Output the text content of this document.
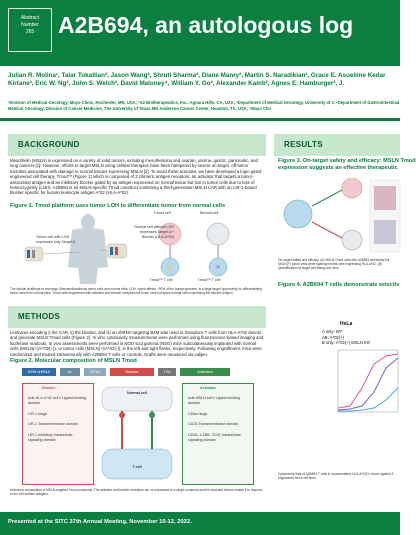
Abstract
Number
265	A2B694, an autologous log
Julian R. Molina¹, Talar Tokatlian², Jason Wang², Shruti Sharma², Diane Manry², Martin S. Naradikian², Grace E. Asuelime Kedar Kirtane², Eric W. Ng², John S. Welch², David Maloney⁴, William Y. Go², Alexander Kamb², Agnes E. Hamburger², J.
¹Division of Medical Oncology, Mayo Clinic, Rochester, MN, USA; ²A2 Biotherapeutics, Inc., Agoura Hills, CA, USA; ³Department of Medical Oncology, University of C ⁴Department of Gastrointestinal Medical Oncology, Division of Cancer Medicine, The University of Texas MD Anderson Cancer Center, Houston, TX, USA; ⁵Mayo Clin
BACKGROUND
Mesothelin (MSLN) is expressed on a variety of solid tumors, including mesothelioma and ovarian, uterine, gastric, pancreatic, and lung cancers [1]. However, efforts to target MSLN using cellular therapies have been hampered by severe on-target, off-tumor toxicities associated with damage to normal tissues expressing MSLN [2]. To avoid these toxicities, we have developed a logic-gated engineered cell therapy, Tmod™ (Figure 1) which is composed of 2 chimeric antigen receptors: an activator that targets a tumor-associated antigen and an inhibitory blocker gated by an antigen expressed on normal tissue but lost in tumor cells due to loss of heterozygosity (LOH). A2B694 is an MSLN-specific Tmod construct combining a third-generation MSLN CAR with an LIR-1-based blocker specific for human leukocyte antigen A*02 (HLA-A*02).
Figure 1. Tmod platform uses tumor LOH to differentiate tumor from normal cells
⚡	✕
Tumor cell with LOH expresses only Target A
Normal cell without LOH expresses Target A + Blocker (HLA-A*02)
Tumor cell	Normal cell
Tmod™ T cell	Tmod™ T cell
The clinical challenge of oncology: Standard/traditional tumor cells and normal cells: LOH, which affects ~90% of the human genome, is a large target opportunity for differentiating tumor cells from normal cells. Tmod cells engineered with activator and blocker receptors kill tumor cells but spare normal cells expressing the blocker antigen.
METHODS
Lentivirus encoding i) the CAR, ii) the blocker, and iii) an shRNA targeting B2M was used to transduce T cells from HLA-A*02 donors and generate MSLN Tmod cells (Figure 2). In vitro cytotoxicity measurements were performed using fluorescence-based imaging and luciferase readouts. In vivo assessments were performed in NOD scid gamma (NSG) mice subcutaneously implanted with normal cells (MSLN(+)/A*02(+)), or tumor cells (MSLN(+)/A*02(-)), in the left and right flanks, respectively. Following engraftment, mice were randomized and treated intravenously with A2B694 T cells or controls. Grafts were measured via caliper.
Figure 2. Molecular composition of MSLN Tmod
B2M shRNA	UL	EF1a	Blocker	T2A	Activator
Blocker
Anti-HLA-A*02 scFv Ligand-binding domain
LIR-1 hinge
LIR-1 Transmembrane domain
LIR-1 inhibitory intracellular signaling domain
Normal cell
T cell
Activator
Anti-MSLN scFv Ligand-binding domain
CD8a hinge
CD28 Transmembrane domain
CD28, 4-1BB, CD3ζ Intracellular signaling domain
Molecular composition of MSLN-targeted Tmod constructs. The activator and blocker receptors are co-expressed in a single construct and the encoded factors enable it to respond to the cell surface antigens.
RESULTS
Figure 3. On-target safety and efficacy: MSLN Tmod
expression suggests an effective therapeutic
On-target safety and efficacy. (A) MSLN Tmod cells with A2B694 selectively kill MSLN(+) tumor cells while sparing normal cells expressing HLA-A*02. (B) Quantification of target cell killing over time.
Figure 4. A2B694 T cells demonstrate selectiv
HeLa
A only: WT
AB: A*02(+)
B only: A*02(+) MSLN KO
Cytotoxicity data of A2B694 T cells in representative HLA-A*02(+) donor against 3 engineered HeLa cell lines.
Presented at the SITC 37th Annual Meeting, November 10-12, 2022.
